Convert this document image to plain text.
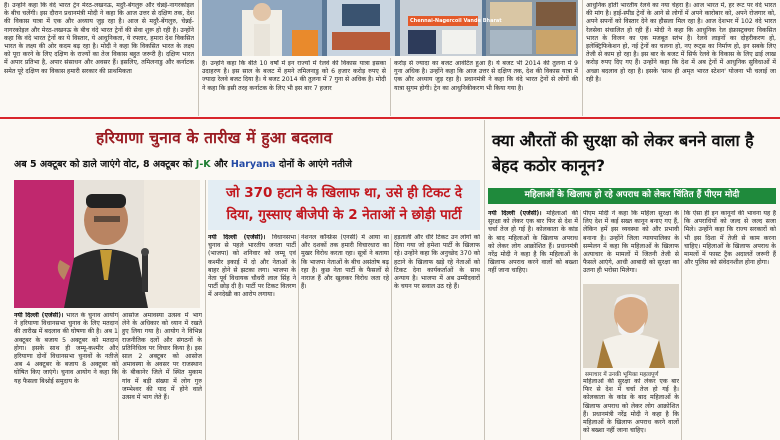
हैं। उन्होंने कहा कि वंदे भारत ट्रेन मेरठ-लखनऊ, मदुरै-बेंगलुरु और चेन्नई-नागरकोइल के बीच चलेंगी। इस दौरान प्रधानमंत्री मोदी ने कहा कि आज उत्तर से दक्षिण तक, देश की विकास यात्रा में एक और अध्याय जुड़ रहा है। आज से मदुरै-बेंगलुरु, चेन्नई-नागरकोइल और मेरठ-लखनऊ के बीच वंदे भारत ट्रेनों की सेवा शुरू हो रही है। उन्होंने कहा कि वंदे भारत ट्रेनों का ये विस्तार, ये आधुनिकता, ये रफ्तार, हमारा देश विकसित भारत के लक्ष्य की ओर कदम बढ़ रहा है। मोदी ने कहा कि विकसित भारत के लक्ष्य को पूरा करने के लिए दक्षिण के राज्यों का तेज विकास बहुत जरूरी है। दक्षिण भारत में अपार प्रतिभा है, अपार संसाधन और अवसर हैं। इसलिए, तमिलनाडु और कर्नाटक समेत पूरे दक्षिण का विकास हमारी सरकार की प्राथमिकता
Chennai-Nagercoil Vande Bharat
है। उन्होंने कहा कि बीते 10 वर्षों में इन राज्यों में रेलवे की विकास यात्रा इसका उदाहरण है। इस साल के बजट में हमने तमिलनाडु को 6 हजार करोड़ रुपए से ज्यादा रेलवे बजट दिया है। ये बजट 2014 की तुलना में 7 गुना से अधिक है। मोदी ने कहा कि इसी तरह कर्नाटक के लिए भी इस बार 7 हजार
करोड़ से ज्यादा का बजट आवंटित हुआ है। ये बजट भी 2014 की तुलना में 9 गुना अधिक है। उन्होंने कहा कि आज उत्तर से दक्षिण तक, देश की विकास यात्रा में एक और अध्याय जुड़ रहा है। प्रधानमंत्री ने कहा कि वंदे भारत ट्रेनों से लोगों की यात्रा सुगम होगी। ट्रेन का आधुनिकीकरण भी किया गया है।
आधुनिक होती भारतीय रेलवे का नया चेहरा है। आज भारत में, हर रूट पर वंदे भारत की मांग है। हाई-स्पीड ट्रेनों के आने से लोगों में अपने कारोबार को, अपने रोजगार को, अपने सपनों को विस्तार देने का हौसला मिल रहा है। आज देशभर में 102 वंदे भारत रेलसेवा संचालित हो रही हैं। मोदी ने कहा कि आधुनिक रेल इंफ्रास्ट्रक्चर विकसित भारत के विजन का एक मजबूत स्तंभ है। रेलवे लाइनों का दोहरीकरण हो, इलेक्ट्रिफिकेशन हो, नई ट्रेनों का चलना हो, नए रूट्स का निर्माण हो, इन सबके लिए तेजी से काम हो रहा है। इस बार के बजट में सिर्फ रेलवे के विकास के लिए ढाई लाख करोड़ रुपए दिए गए हैं। उन्होंने कहा कि देश में अब ट्रेनों में आधुनिक सुविधाओं में अच्छा बदलाव हो रहा है। इसके 'साथ ही अमृत भारत स्टेशन' योजना भी चलाई जा रही है।
हरियाणा चुनाव के तारीख में हुआ बदलाव
अब 5 अक्टूबर को डाले जाएंगे वोट, 8 अक्टूबर को J-K और Haryana दोनों के आएंगे नतीजे
नयी दिल्ली (एजेंसी)। भारत के चुनाव आयोग ने हरियाणा विधानसभा चुनाव के लिए मतदान की तारीख में बदलाव की घोषणा की है। अब 1 अक्टूबर के बजाय 5 अक्टूबर को मतदान होगा। इसके साथ ही जम्मू-कश्मीर और हरियाणा दोनों विधानसभा चुनावों के नतीजे अब 4 अक्टूबर के बजाय 8 अक्टूबर को घोषित किए जाएंगे। चुनाव आयोग ने कहा कि यह फैसला बिश्नोई समुदाय के
आसोज अमावस्या उत्सव में भाग लेने के अधिकार को ध्यान में रखते हुए लिया गया है। आयोग ने विभिन्न राजनीतिक दलों और संगठनों के प्रतिनिधित्व पर विचार किया है। इस साल 2 अक्टूबर को आसोज अमावस्या के अवसर पर राजस्थान के बीकानेर जिले में स्थित मुकाम गांव में बड़ी संख्या में लोग गुरु जम्भेश्वर की याद में होने वाले उत्सव में भाग लेते हैं।
जो 370 हटाने के खिलाफ था, उसे ही टिकट दे दिया, गुस्साए बीजेपी के 2 नेताओं ने छोड़ी पार्टी
नयी दिल्ली (एजेंसी)। विधानसभा चुनाव से पहले भारतीय जनता पार्टी (भाजपा) को शनिवार को जम्मू एवं कश्मीर इकाई में दो और नेताओं के बाहर होने से झटका लगा। भाजपा के नेता पूर्व विधायक चौधरी लाल सिंह ने पार्टी छोड़ दी है। पार्टी पर टिकट वितरण में अनदेखी का आरोप लगाया।
नेशनल कॉन्फ्रेंस (एनसी) में आया था और दशकों तक हमारी विचारधारा का मुखर विरोध करता रहा। सूत्रों ने बताया कि भाजपा नेताओं के बीच असंतोष बढ़ रहा है। कुछ नेता पार्टी के फैसलों से नाराज हैं और खुलकर विरोध जता रहे हैं।
हड़ताली और धीरे टिकट उन लोगों को दिया गया जो हमेशा पार्टी के खिलाफ रहे। उन्होंने कहा कि अनुच्छेद 370 को हटाने के खिलाफ खड़े रहे नेताओं को टिकट देना कार्यकर्ताओं के साथ अन्याय है। भाजपा में अब उम्मीदवारों के चयन पर सवाल उठ रहे हैं।
क्या औरतों की सुरक्षा को लेकर बनने वाला है बेहद कठोर कानून?
महिलाओं के खिलाफ हो रहे अपराध को लेकर चिंतित हैं पीएम मोदी
नयी दिल्ली (एजेंसी)। महिलाओं की सुरक्षा को लेकर एक बार फिर से देश में चर्चा तेज हो गई है। कोलकाता के कांड के बाद महिलाओं के खिलाफ अपराध को लेकर लोग आक्रोशित हैं। प्रधानमंत्री नरेंद्र मोदी ने कहा है कि महिलाओं के खिलाफ अपराध करने वालों को बख्शा नहीं जाना चाहिए।
पीएम मोदी ने कहा कि महिला सुरक्षा के लिए देश में कई सख्त कानून बनाए गए हैं, लेकिन हमें इस व्यवस्था को और प्रभावी बनाना है। उन्होंने जिला न्यायपालिका के सम्मेलन में कहा कि महिलाओं के खिलाफ अत्याचार के मामलों में जितनी तेजी से फैसले आएंगे, आधी आबादी को सुरक्षा का उतना ही भरोसा मिलेगा।
समाचार में उनकी भूमिका महत्वपूर्ण
महिलाओं की सुरक्षा को लेकर एक बार फिर से देश में चर्चा तेज हो गई है। कोलकाता के कांड के बाद महिलाओं के खिलाफ अपराध को लेकर लोग आक्रोशित हैं। प्रधानमंत्री नरेंद्र मोदी ने कहा है कि महिलाओं के खिलाफ अपराध करने वालों को बख्शा नहीं जाना चाहिए।
कि ऐसा ही इन कानूनों की भावना यह है कि अपराधियों को जल्द से जल्द सजा मिले। उन्होंने कहा कि राज्य सरकारों को भी इस दिशा में तेजी से काम करना चाहिए। महिलाओं के खिलाफ अपराध के मामलों में फास्ट ट्रैक अदालतें जरूरी हैं और पुलिस को संवेदनशील होना होगा।
